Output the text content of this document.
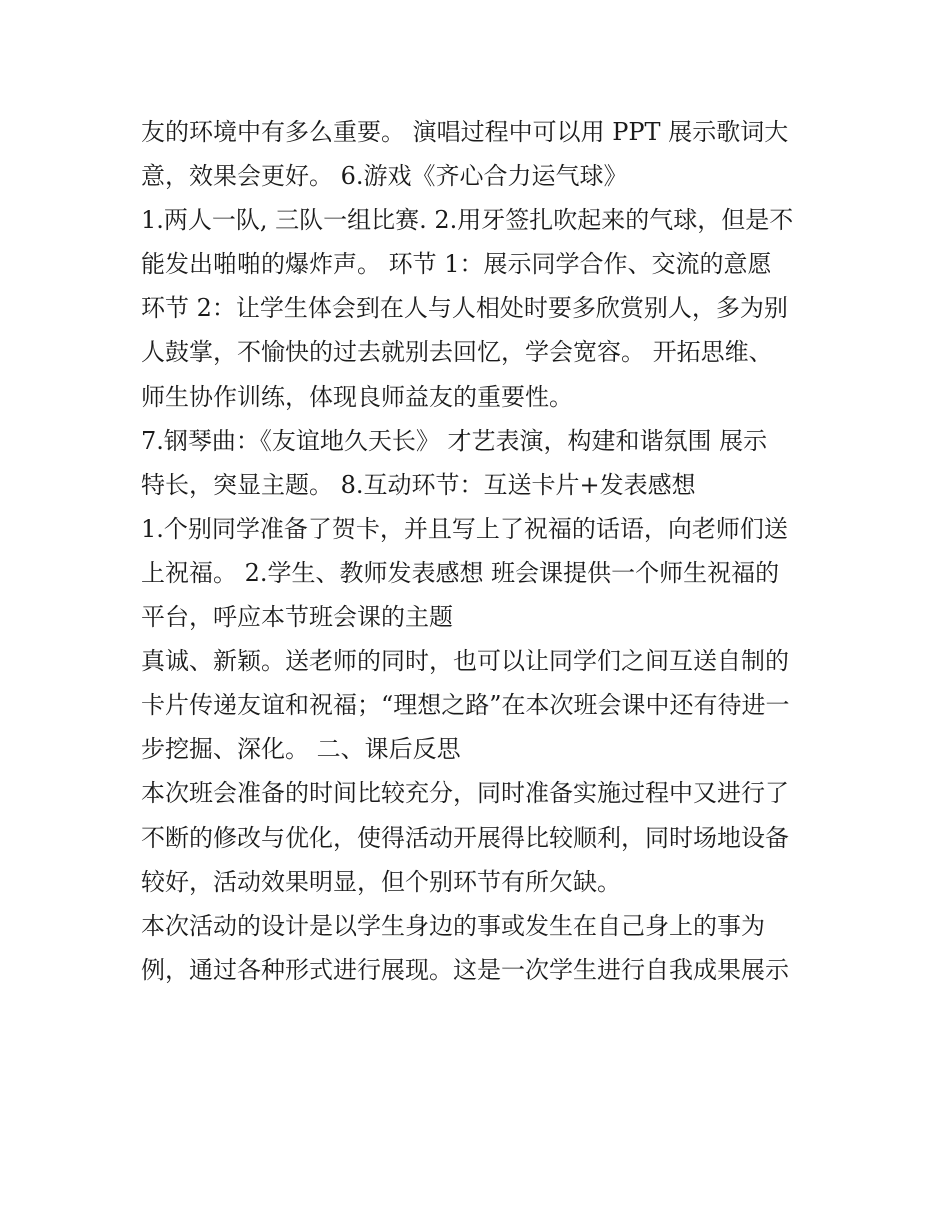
友的环境中有多么重要。 演唱过程中可以用 PPT 展示歌词大
意，效果会更好。 6.游戏《齐心合力运气球》
1.两人一队, 三队一组比赛. 2.用牙签扎吹起来的气球，但是不
能发出啪啪的爆炸声。 环节 1：展示同学合作、交流的意愿
环节 2：让学生体会到在人与人相处时要多欣赏别人，多为别
人鼓掌，不愉快的过去就别去回忆，学会宽容。 开拓思维、
师生协作训练，体现良师益友的重要性。
7.钢琴曲：《友谊地久天长》 才艺表演，构建和谐氛围 展示
特长，突显主题。 8.互动环节：互送卡片+发表感想
1.个别同学准备了贺卡，并且写上了祝福的话语，向老师们送
上祝福。 2.学生、教师发表感想 班会课提供一个师生祝福的
平台，呼应本节班会课的主题
真诚、新颖。送老师的同时，也可以让同学们之间互送自制的
卡片传递友谊和祝福；“理想之路”在本次班会课中还有待进一
步挖掘、深化。 二、课后反思
本次班会准备的时间比较充分，同时准备实施过程中又进行了
不断的修改与优化，使得活动开展得比较顺利，同时场地设备
较好，活动效果明显，但个别环节有所欠缺。
本次活动的设计是以学生身边的事或发生在自己身上的事为
例，通过各种形式进行展现。这是一次学生进行自我成果展示
